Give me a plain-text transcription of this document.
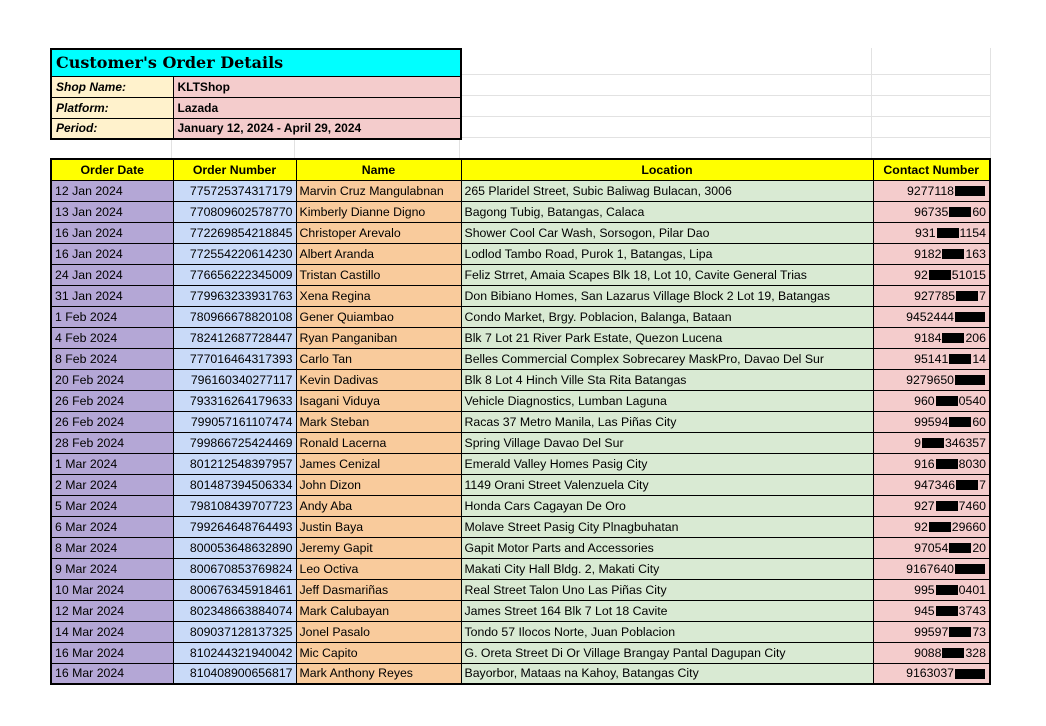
Customer's Order Details	
Shop Name:	KLTShop
Platform:	Lazada
Period:	January 12, 2024 - April 29, 2024
Order Date	Order Number	Name	Location	Contact Number
12 Jan 2024	775725374317179	Marvin Cruz Mangulabnan	265 Plaridel Street, Subic Baliwag Bulacan, 3006	9277118
13 Jan 2024	770809602578770	Kimberly Dianne Digno	Bagong Tubig, Batangas, Calaca	96735 60
16 Jan 2024	772269854218845	Christoper Arevalo	Shower Cool Car Wash, Sorsogon, Pilar Dao	931 1154
16 Jan 2024	772554220614230	Albert Aranda	Lodlod Tambo Road, Purok 1, Batangas, Lipa	9182 163
24 Jan 2024	776656222345009	Tristan Castillo	Feliz Strret, Amaia Scapes Blk 18, Lot 10, Cavite General Trias	92 51015
31 Jan 2024	779963233931763	Xena Regina	Don Bibiano Homes, San Lazarus Village Block 2 Lot 19, Batangas	927785 7
1 Feb 2024	780966678820108	Gener Quiambao	Condo Market, Brgy. Poblacion, Balanga, Bataan	9452444
4 Feb 2024	782412687728447	Ryan Panganiban	Blk 7 Lot 21 River Park Estate, Quezon Lucena	9184 206
8 Feb 2024	777016464317393	Carlo Tan	Belles Commercial Complex Sobrecarey MaskPro, Davao Del Sur	95141 14
20 Feb 2024	796160340277117	Kevin Dadivas	Blk 8 Lot 4 Hinch Ville Sta Rita Batangas	9279650
26 Feb 2024	793316264179633	Isagani Viduya	Vehicle Diagnostics, Lumban Laguna	960 0540
26 Feb 2024	799057161107474	Mark Steban	Racas 37 Metro Manila, Las Piñas City	99594 60
28 Feb 2024	799866725424469	Ronald Lacerna	Spring Village Davao Del Sur	9 346357
1 Mar 2024	801212548397957	James Cenizal	Emerald Valley Homes Pasig City	916 8030
2 Mar 2024	801487394506334	John Dizon	1149 Orani Street Valenzuela City	947346 7
5 Mar 2024	798108439707723	Andy Aba	Honda Cars Cagayan De Oro	927 7460
6 Mar 2024	799264648764493	Justin Baya	Molave Street Pasig City Plnagbuhatan	92 29660
8 Mar 2024	800053648632890	Jeremy Gapit	Gapit Motor Parts and Accessories	97054 20
9 Mar 2024	800670853769824	Leo Octiva	Makati City Hall Bldg. 2, Makati City	9167640
10 Mar 2024	800676345918461	Jeff Dasmariñas	Real Street Talon Uno Las Piñas City	995 0401
12 Mar 2024	802348663884074	Mark Calubayan	James Street 164 Blk 7 Lot 18 Cavite	945 3743
14 Mar 2024	809037128137325	Jonel Pasalo	Tondo 57 Ilocos Norte, Juan Poblacion	99597 73
16 Mar 2024	810244321940042	Mic Capito	G. Oreta Street Di Or Village Brangay Pantal Dagupan City	9088 328
16 Mar 2024	810408900656817	Mark Anthony Reyes	Bayorbor, Mataas na Kahoy, Batangas City	9163037
